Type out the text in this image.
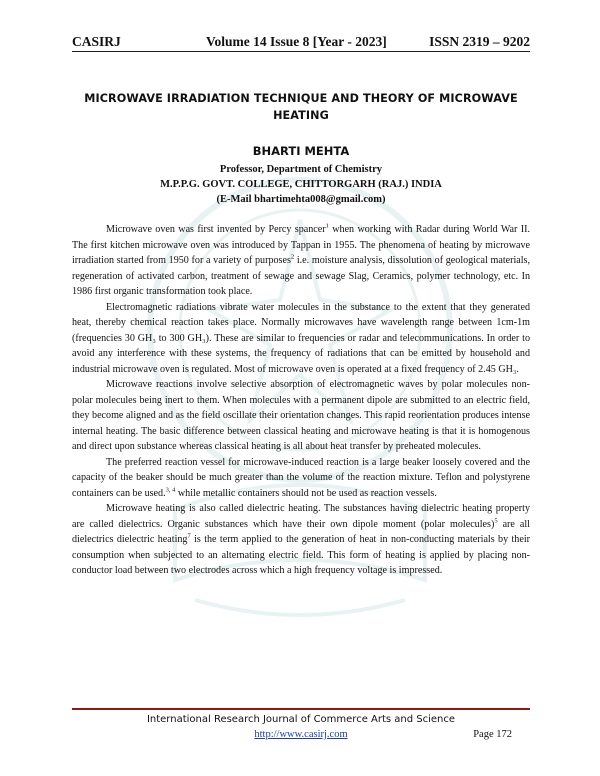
CASIRJ	Volume 14 Issue 8 [Year - 2023]	ISSN 2319 – 9202
MICROWAVE IRRADIATION TECHNIQUE AND THEORY OF MICROWAVE
HEATING
BHARTI MEHTA
Professor, Department of Chemistry
M.P.P.G. GOVT. COLLEGE, CHITTORGARH (RAJ.) INDIA
(E-Mail bhartimehta008@gmail.com)

Microwave oven was first invented by Percy spancer$^1$ when working with Radar during World War II. The first kitchen microwave oven was introduced by Tappan in 1955. The phenomena of heating by microwave irradiation started from 1950 for a variety of purposes$^2$ i.e. moisture analysis, dissolution of geological materials, regeneration of activated carbon, treatment of sewage and sewage Slag, Ceramics, polymer technology, etc. In 1986 first organic transformation took place.

Electromagnetic radiations vibrate water molecules in the substance to the extent that they generated heat, thereby chemical reaction takes place. Normally microwaves have wavelength range between 1cm-1m (frequencies 30 GH₃ to 300 GH₃). These are similar to frequencies or radar and telecommunications. In order to avoid any interference with these systems, the frequency of radiations that can be emitted by household and industrial microwave oven is regulated. Most of microwave oven is operated at a fixed frequency of 2.45 GH₃.

Microwave reactions involve selective absorption of electromagnetic waves by polar molecules non-polar molecules being inert to them. When molecules with a permanent dipole are submitted to an electric field, they become aligned and as the field oscillate their orientation changes. This rapid reorientation produces intense internal heating. The basic difference between classical heating and microwave heating is that it is homogenous and direct upon substance whereas classical heating is all about heat transfer by preheated molecules.

The preferred reaction vessel for microwave-induced reaction is a large beaker loosely covered and the capacity of the beaker should be much greater than the volume of the reaction mixture. Teflon and polystyrene containers can be used.$^{3, 4}$ while metallic containers should not be used as reaction vessels.

Microwave heating is also called dielectric heating. The substances having dielectric heating property are called dielectrics. Organic substances which have their own dipole moment (polar molecules)$^5$ are all dielectrics dielectric heating$^7$ is the term applied to the generation of heat in non-conducting materials by their consumption when subjected to an alternating electric field. This form of heating is applied by placing non-conductor load between two electrodes across which a high frequency voltage is impressed.

International Research Journal of Commerce Arts and Science
http://www.casirj.com	Page 172
